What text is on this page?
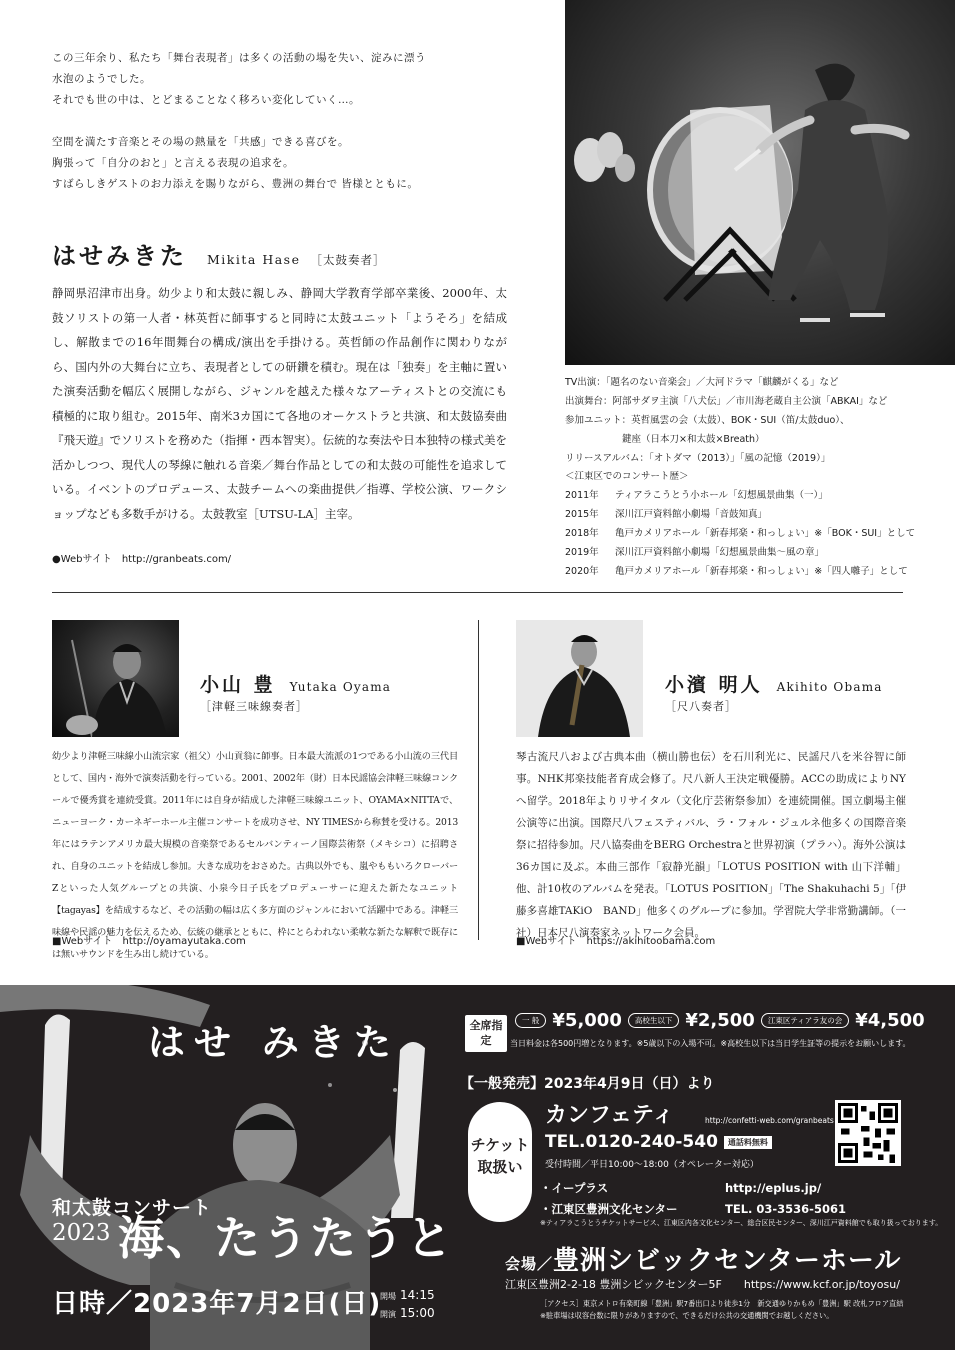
この三年余り、私たち「舞台表現者」は多くの活動の場を失い、淀みに漂う

水泡のようでした。

それでも世の中は、とどまることなく移ろい変化していく…。

空間を満たす音楽とその場の熱量を「共感」できる喜びを。

胸張って「自分のおと」と言える表現の追求を。

すばらしきゲストのお力添えを賜りながら、豊洲の舞台で 皆様とともに。

はせみきた Mikita Hase ［太鼓奏者］
静岡県沼津市出身。幼少より和太鼓に親しみ、静岡大学教育学部卒業後、2000年、太鼓ソリストの第一人者・林英哲に師事すると同時に太鼓ユニット「ようそろ」を結成し、解散までの16年間舞台の構成/演出を手掛ける。英哲師の作品創作に関わりながら、国内外の大舞台に立ち、表現者としての研鑽を積む。現在は「独奏」を主軸に置いた演奏活動を幅広く展開しながら、ジャンルを越えた様々なアーティストとの交流にも積極的に取り組む。2015年、南米3カ国にて各地のオーケストラと共演、和太鼓協奏曲『飛天遊』でソリストを務めた（指揮・西本智実）。伝統的な奏法や日本独特の様式美を活かしつつ、現代人の琴線に触れる音楽／舞台作品としての和太鼓の可能性を追求している。イベントのプロデュース、太鼓チームへの楽曲提供／指導、学校公演、ワークショップなども多数手がける。太鼓教室［UTSU-LA］主宰。
●Webサイト　http://granbeats.com/
TV出演：「題名のない音楽会」／大河ドラマ「麒麟がくる」など
出演舞台：阿部サダヲ主演「八犬伝」／市川海老蔵自主公演「ABKAI」など
参加ユニット：英哲風雲の会（太鼓）、BOK・SUI（笛/太鼓duo）、
　　　　　　鍵座（日本刀×和太鼓×Breath）
リリースアルバム：「オトダマ（2013）」「風の記憶（2019）」
＜江東区でのコンサート歴＞
2011年	ティアラこうとう小ホール「幻想風景曲集（一）」
2015年	深川江戸資料館小劇場「音鼓知真」
2018年	亀戸カメリアホール「新春邦楽・和っしょい」※「BOK・SUI」として
2019年	深川江戸資料館小劇場「幻想風景曲集～風の章」
2020年	亀戸カメリアホール「新春邦楽・和っしょい」※「四人囃子」として
小山 豊 Yutaka Oyama
［津軽三味線奏者］
幼少より津軽三味線小山流宗家（祖父）小山貢翁に師事。日本最大流派の1つである小山流の三代目として、国内・海外で演奏活動を行っている。2001、2002年（財）日本民謡協会津軽三味線コンクールで優秀賞を連続受賞。2011年には自身が結成した津軽三味線ユニット、OYAMA×NITTAで、ニューヨーク・カーネギーホール主催コンサートを成功させ、NY TIMESから称賛を受ける。2013年にはラテンアメリカ最大規模の音楽祭であるセルバンティーノ国際芸術祭（メキシコ）に招聘され、自身のユニットを結成し参加。大きな成功をおさめた。古典以外でも、嵐やももいろクローバーZといった人気グループとの共演、小泉今日子氏をプロデューサーに迎えた新たなユニット【tagayas】を結成するなど、その活動の幅は広く多方面のジャンルにおいて活躍中である。津軽三味線や民謡の魅力を伝えるため、伝統の継承とともに、枠にとらわれない柔軟な新たな解釈で既存には無いサウンドを生み出し続けている。
■Webサイト　http://oyamayutaka.com
小濱 明人 Akihito Obama
［尺八奏者］
琴古流尺八および古典本曲（横山勝也伝）を石川利光に、民謡尺八を米谷智に師事。NHK邦楽技能者育成会修了。尺八新人王決定戦優勝。ACCの助成によりNYへ留学。2018年よりリサイタル（文化庁芸術祭参加）を連続開催。国立劇場主催公演等に出演。国際尺八フェスティバル、ラ・フォル・ジュルネ他多くの国際音楽祭に招待参加。尺八協奏曲をBERG Orchestraと世界初演（プラハ）。海外公演は36カ国に及ぶ。本曲三部作「寂静光韻」「LOTUS POSITION with 山下洋輔」他、計10枚のアルバムを発表。「LOTUS POSITION」「The Shakuhachi 5」「伊藤多喜雄TAKiO　BAND」他多くのグループに参加。学習院大学非常勤講師。（一社）日本尺八演奏家ネットワーク会員。
■Webサイト　https://akihitoobama.com
はせ みきた
和太鼓コンサート
2023 海、たうたうと
日時／2023年7月2日(日)
開場 14:15
開演 15:00
全席指定
一 般 ¥5,000	高校生以下 ¥2,500	江東区ティアラ友の会 ¥4,500
当日料金は各500円増となります。※5歳以下の入場不可。※高校生以下は当日学生証等の提示をお願いします。
【一般発売】2023年4月9日（日）より
チケット取扱い
カンフェティ	http://confetti-web.com/granbeats
TEL.0120-240-540 通話料無料
受付時間／平日10:00～18:00（オペレーター対応）
・イープラス	http://eplus.jp/
・江東区豊洲文化センター	TEL. 03-3536-5061
※ティアラこうとうチケットサービス、江東区内各文化センター、総合区民センター、深川江戸資料館でも取り扱っております。
会場／豊洲シビックセンターホール
江東区豊洲2-2-18 豊洲シビックセンター5F　　https://www.kcf.or.jp/toyosu/
［アクセス］東京メトロ有楽町線「豊洲」駅7番出口より徒歩1分　新交通ゆりかもめ「豊洲」駅 改札フロア直結
※駐車場は収容台数に限りがありますので、できるだけ公共の交通機関でお越しください。
